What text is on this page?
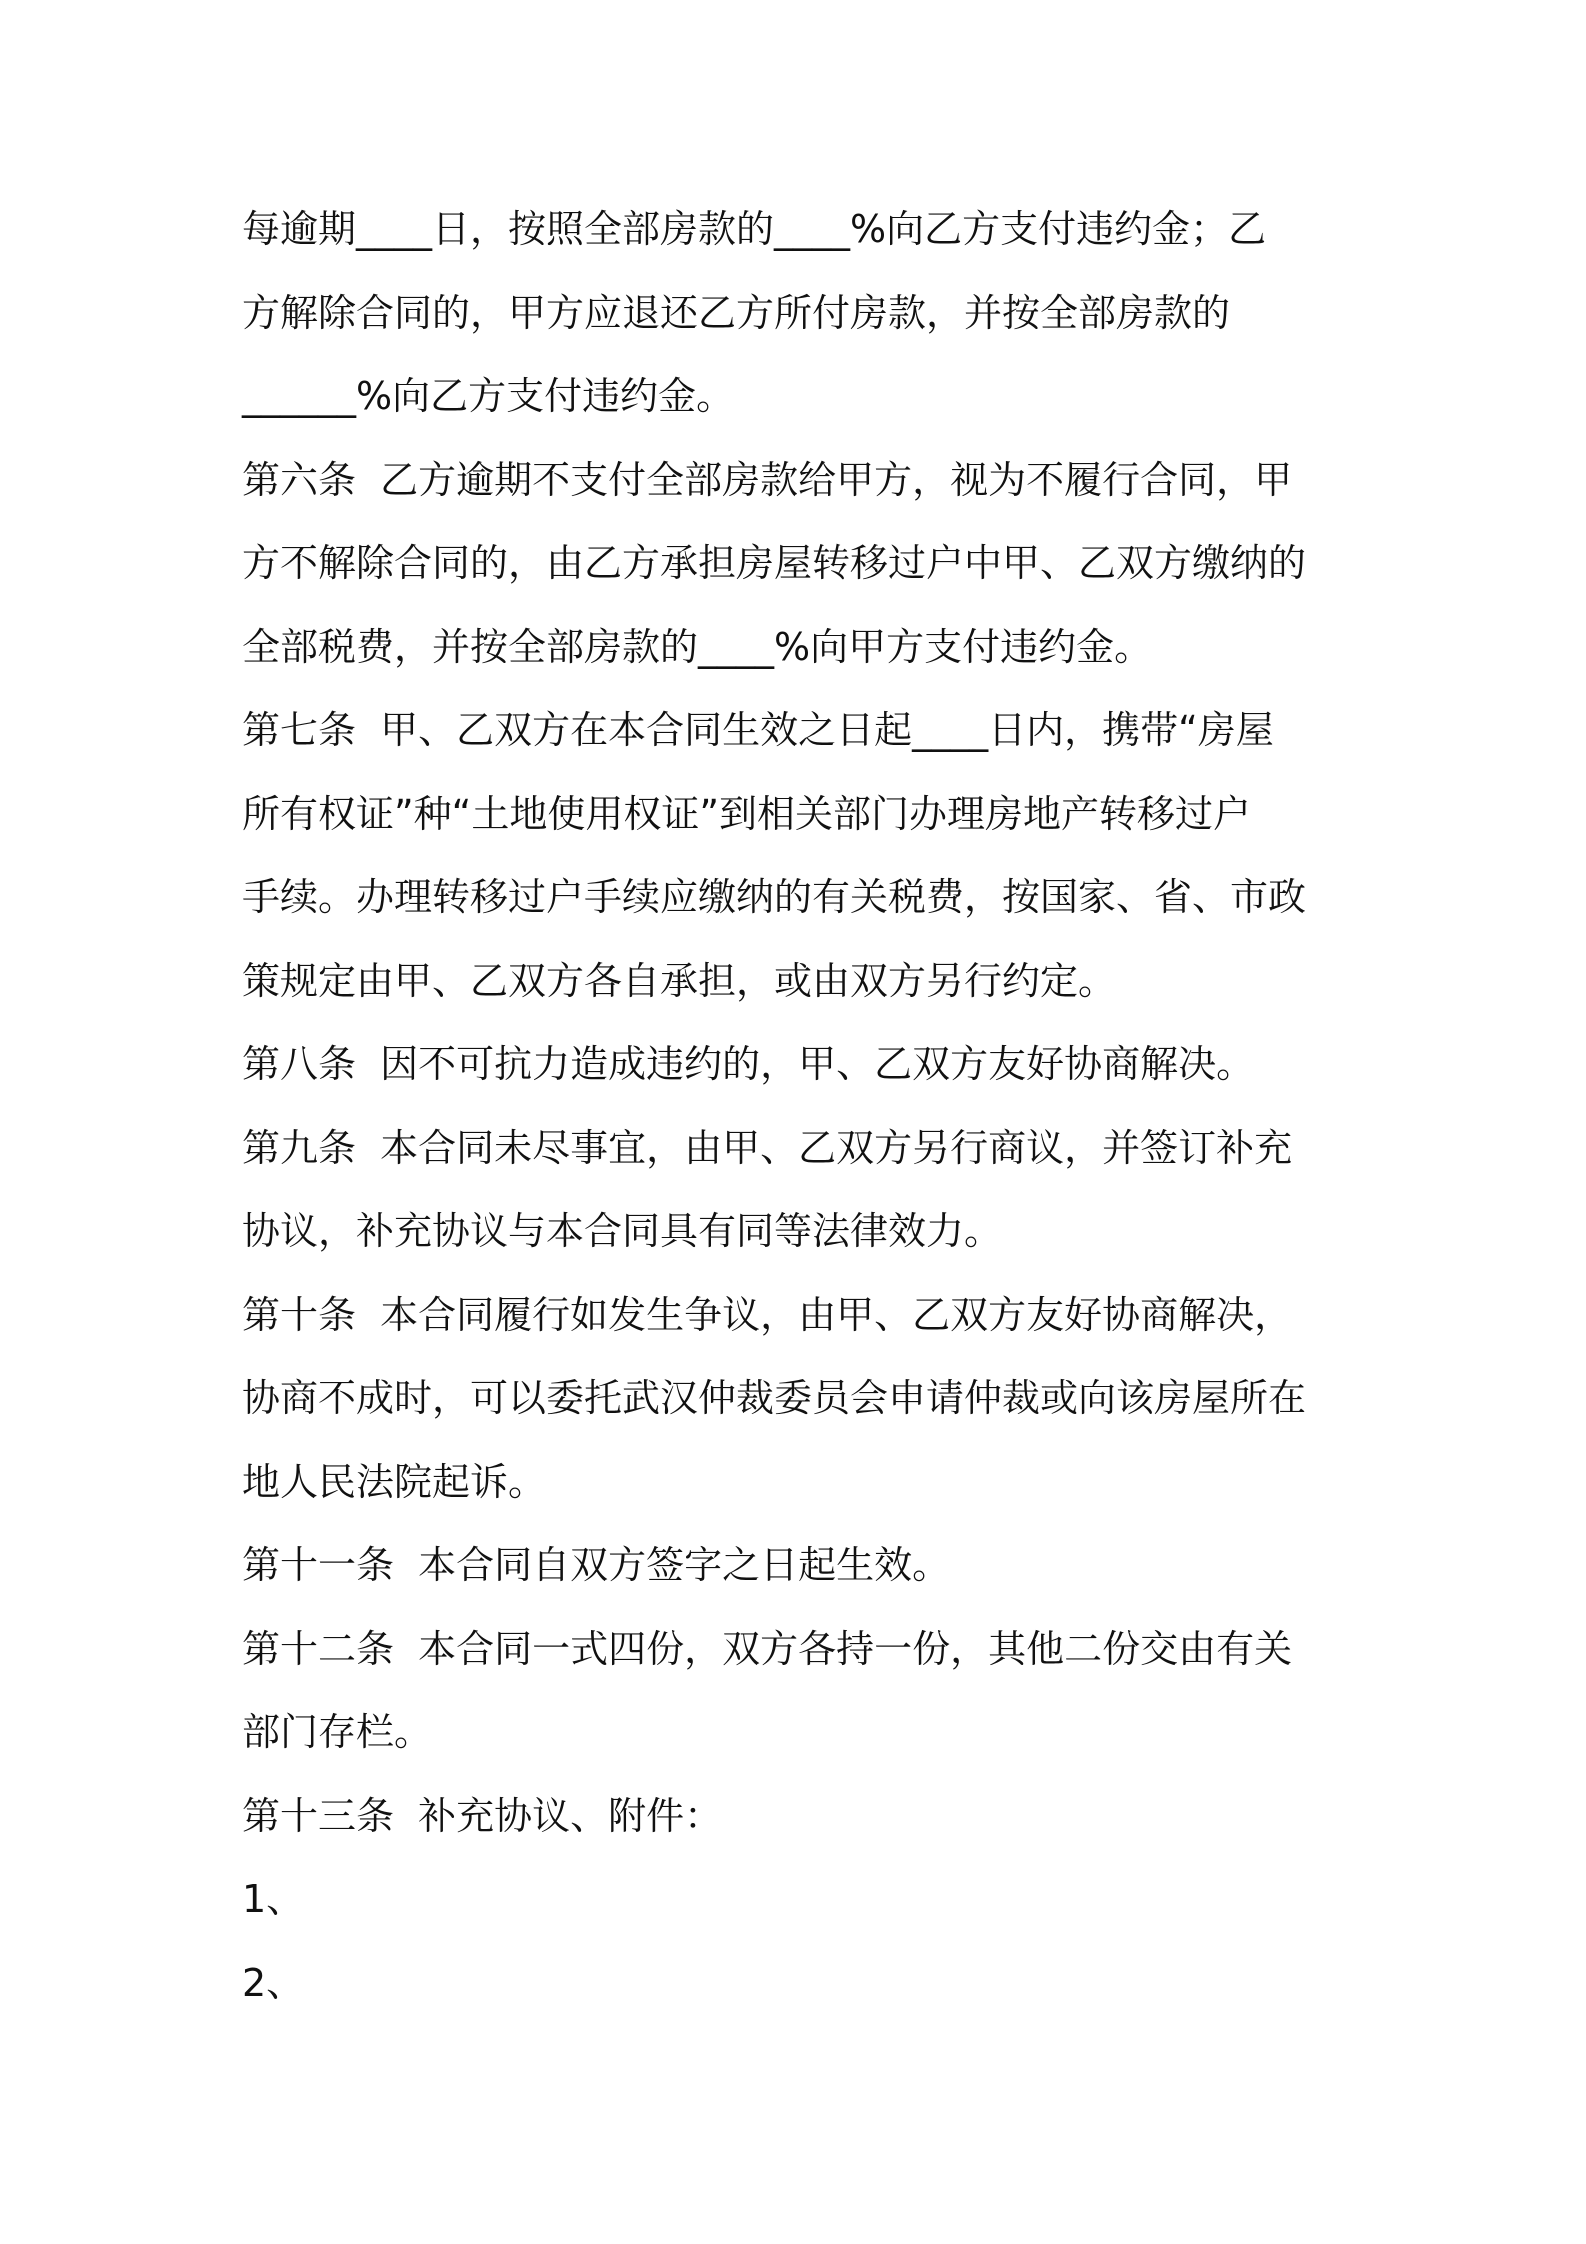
每逾期____日，按照全部房款的____%向乙方支付违约金；乙
方解除合同的，甲方应退还乙方所付房款，并按全部房款的
______%向乙方支付违约金。
第六条  乙方逾期不支付全部房款给甲方，视为不履行合同，甲
方不解除合同的，由乙方承担房屋转移过户中甲、乙双方缴纳的
全部税费，并按全部房款的____%向甲方支付违约金。
第七条  甲、乙双方在本合同生效之日起____日内，携带“房屋
所有权证”种“土地使用权证”到相关部门办理房地产转移过户
手续。办理转移过户手续应缴纳的有关税费，按国家、省、市政
策规定由甲、乙双方各自承担，或由双方另行约定。
第八条  因不可抗力造成违约的，甲、乙双方友好协商解决。
第九条  本合同未尽事宜，由甲、乙双方另行商议，并签订补充
协议，补充协议与本合同具有同等法律效力。
第十条  本合同履行如发生争议，由甲、乙双方友好协商解决，
协商不成时，可以委托武汉仲裁委员会申请仲裁或向该房屋所在
地人民法院起诉。
第十一条  本合同自双方签字之日起生效。
第十二条  本合同一式四份，双方各持一份，其他二份交由有关
部门存栏。
第十三条  补充协议、附件：
1、
2、
